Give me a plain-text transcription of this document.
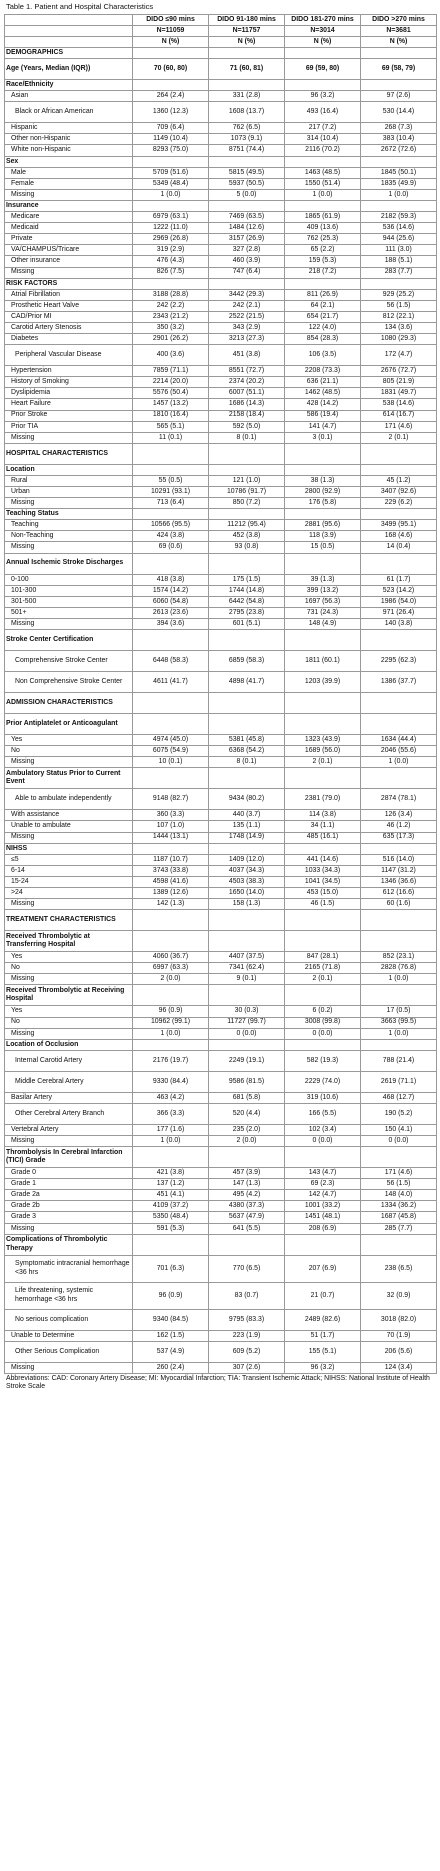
Table 1. Patient and Hospital Characteristics
	DIDO ≤90 mins	DIDO 91-180 mins	DIDO 181-270 mins	DIDO >270 mins
	N=11059	N=11757	N=3014	N=3681
	N (%)	N (%)	N (%)	N (%)
DEMOGRAPHICS				
Age (Years, Median (IQR))	70 (60, 80)	71 (60, 81)	69 (59, 80)	69 (58, 79)
Race/Ethnicity				
Asian	264 (2.4)	331 (2.8)	96 (3.2)	97 (2.6)
Black or African American	1360 (12.3)	1608 (13.7)	493 (16.4)	530 (14.4)
Hispanic	709 (6.4)	762 (6.5)	217 (7.2)	268 (7.3)
Other non-Hispanic	1149 (10.4)	1073 (9.1)	314 (10.4)	383 (10.4)
White non-Hispanic	8293 (75.0)	8751 (74.4)	2116 (70.2)	2672 (72.6)
Sex				
Male	5709 (51.6)	5815 (49.5)	1463 (48.5)	1845 (50.1)
Female	5349 (48.4)	5937 (50.5)	1550 (51.4)	1835 (49.9)
Missing	1 (0.0)	5 (0.0)	1 (0.0)	1 (0.0)
Insurance				
Medicare	6979 (63.1)	7469 (63.5)	1865 (61.9)	2182 (59.3)
Medicaid	1222 (11.0)	1484 (12.6)	409 (13.6)	536 (14.6)
Private	2969 (26.8)	3157 (26.9)	762 (25.3)	944 (25.6)
VA/CHAMPUS/Tricare	319 (2.9)	327 (2.8)	65 (2.2)	111 (3.0)
Other insurance	476 (4.3)	460 (3.9)	159 (5.3)	188 (5.1)
Missing	826 (7.5)	747 (6.4)	218 (7.2)	283 (7.7)
RISK FACTORS				
Atrial Fibrillation	3188 (28.8)	3442 (29.3)	811 (26.9)	929 (25.2)
Prosthetic Heart Valve	242 (2.2)	242 (2.1)	64 (2.1)	56 (1.5)
CAD/Prior MI	2343 (21.2)	2522 (21.5)	654 (21.7)	812 (22.1)
Carotid Artery Stenosis	350 (3.2)	343 (2.9)	122 (4.0)	134 (3.6)
Diabetes	2901 (26.2)	3213 (27.3)	854 (28.3)	1080 (29.3)
Peripheral Vascular Disease	400 (3.6)	451 (3.8)	106 (3.5)	172 (4.7)
Hypertension	7859 (71.1)	8551 (72.7)	2208 (73.3)	2676 (72.7)
History of Smoking	2214 (20.0)	2374 (20.2)	636 (21.1)	805 (21.9)
Dyslipidemia	5576 (50.4)	6007 (51.1)	1462 (48.5)	1831 (49.7)
Heart Failure	1457 (13.2)	1686 (14.3)	428 (14.2)	538 (14.6)
Prior Stroke	1810 (16.4)	2158 (18.4)	586 (19.4)	614 (16.7)
Prior TIA	565 (5.1)	592 (5.0)	141 (4.7)	171 (4.6)
Missing	11 (0.1)	8 (0.1)	3 (0.1)	2 (0.1)
HOSPITAL CHARACTERISTICS				
Location				
Rural	55 (0.5)	121 (1.0)	38 (1.3)	45 (1.2)
Urban	10291 (93.1)	10786 (91.7)	2800 (92.9)	3407 (92.6)
Missing	713 (6.4)	850 (7.2)	176 (5.8)	229 (6.2)
Teaching Status				
Teaching	10566 (95.5)	11212 (95.4)	2881 (95.6)	3499 (95.1)
Non-Teaching	424 (3.8)	452 (3.8)	118 (3.9)	168 (4.6)
Missing	69 (0.6)	93 (0.8)	15 (0.5)	14 (0.4)
Annual Ischemic Stroke Discharges				
0-100	418 (3.8)	175 (1.5)	39 (1.3)	61 (1.7)
101-300	1574 (14.2)	1744 (14.8)	399 (13.2)	523 (14.2)
301-500	6060 (54.8)	6442 (54.8)	1697 (56.3)	1986 (54.0)
501+	2613 (23.6)	2795 (23.8)	731 (24.3)	971 (26.4)
Missing	394 (3.6)	601 (5.1)	148 (4.9)	140 (3.8)
Stroke Center Certification				
Comprehensive Stroke Center	6448 (58.3)	6859 (58.3)	1811 (60.1)	2295 (62.3)
Non Comprehensive Stroke Center	4611 (41.7)	4898 (41.7)	1203 (39.9)	1386 (37.7)
ADMISSION CHARACTERISTICS				
Prior Antiplatelet or Anticoagulant				
Yes	4974 (45.0)	5381 (45.8)	1323 (43.9)	1634 (44.4)
No	6075 (54.9)	6368 (54.2)	1689 (56.0)	2046 (55.6)
Missing	10 (0.1)	8 (0.1)	2 (0.1)	1 (0.0)
Ambulatory Status Prior to Current Event				
Able to ambulate independently	9148 (82.7)	9434 (80.2)	2381 (79.0)	2874 (78.1)
With assistance	360 (3.3)	440 (3.7)	114 (3.8)	126 (3.4)
Unable to ambulate	107 (1.0)	135 (1.1)	34 (1.1)	46 (1.2)
Missing	1444 (13.1)	1748 (14.9)	485 (16.1)	635 (17.3)
NIHSS				
≤5	1187 (10.7)	1409 (12.0)	441 (14.6)	516 (14.0)
6-14	3743 (33.8)	4037 (34.3)	1033 (34.3)	1147 (31.2)
15-24	4598 (41.6)	4503 (38.3)	1041 (34.5)	1346 (36.6)
>24	1389 (12.6)	1650 (14.0)	453 (15.0)	612 (16.6)
Missing	142 (1.3)	158 (1.3)	46 (1.5)	60 (1.6)
TREATMENT CHARACTERISTICS				
Received Thrombolytic at Transferring Hospital				
Yes	4060 (36.7)	4407 (37.5)	847 (28.1)	852 (23.1)
No	6997 (63.3)	7341 (62.4)	2165 (71.8)	2828 (76.8)
Missing	2 (0.0)	9 (0.1)	2 (0.1)	1 (0.0)
Received Thrombolytic at Receiving Hospital				
Yes	96 (0.9)	30 (0.3)	6 (0.2)	17 (0.5)
No	10962 (99.1)	11727 (99.7)	3008 (99.8)	3663 (99.5)
Missing	1 (0.0)	0 (0.0)	0 (0.0)	1 (0.0)
Location of Occlusion				
Internal Carotid Artery	2176 (19.7)	2249 (19.1)	582 (19.3)	788 (21.4)
Middle Cerebral Artery	9330 (84.4)	9586 (81.5)	2229 (74.0)	2619 (71.1)
Basilar Artery	463 (4.2)	681 (5.8)	319 (10.6)	468 (12.7)
Other Cerebral Artery Branch	366 (3.3)	520 (4.4)	166 (5.5)	190 (5.2)
Vertebral Artery	177 (1.6)	235 (2.0)	102 (3.4)	150 (4.1)
Missing	1 (0.0)	2 (0.0)	0 (0.0)	0 (0.0)
Thrombolysis In Cerebral Infarction (TICI) Grade				
Grade 0	421 (3.8)	457 (3.9)	143 (4.7)	171 (4.6)
Grade 1	137 (1.2)	147 (1.3)	69 (2.3)	56 (1.5)
Grade 2a	451 (4.1)	495 (4.2)	142 (4.7)	148 (4.0)
Grade 2b	4109 (37.2)	4380 (37.3)	1001 (33.2)	1334 (36.2)
Grade 3	5350 (48.4)	5637 (47.9)	1451 (48.1)	1687 (45.8)
Missing	591 (5.3)	641 (5.5)	208 (6.9)	285 (7.7)
Complications of Thrombolytic Therapy				
Symptomatic intracranial hemorrhage <36 hrs	701 (6.3)	770 (6.5)	207 (6.9)	238 (6.5)
Life threatening, systemic hemorrhage <36 hrs	96 (0.9)	83 (0.7)	21 (0.7)	32 (0.9)
No serious complication	9340 (84.5)	9795 (83.3)	2489 (82.6)	3018 (82.0)
Unable to Determine	162 (1.5)	223 (1.9)	51 (1.7)	70 (1.9)
Other Serious Complication	537 (4.9)	609 (5.2)	155 (5.1)	206 (5.6)
Missing	260 (2.4)	307 (2.6)	96 (3.2)	124 (3.4)
Abbreviations: CAD: Coronary Artery Disease; MI: Myocardial Infarction; TIA: Transient Ischemic Attack; NIHSS: National Institute of Health Stroke Scale
